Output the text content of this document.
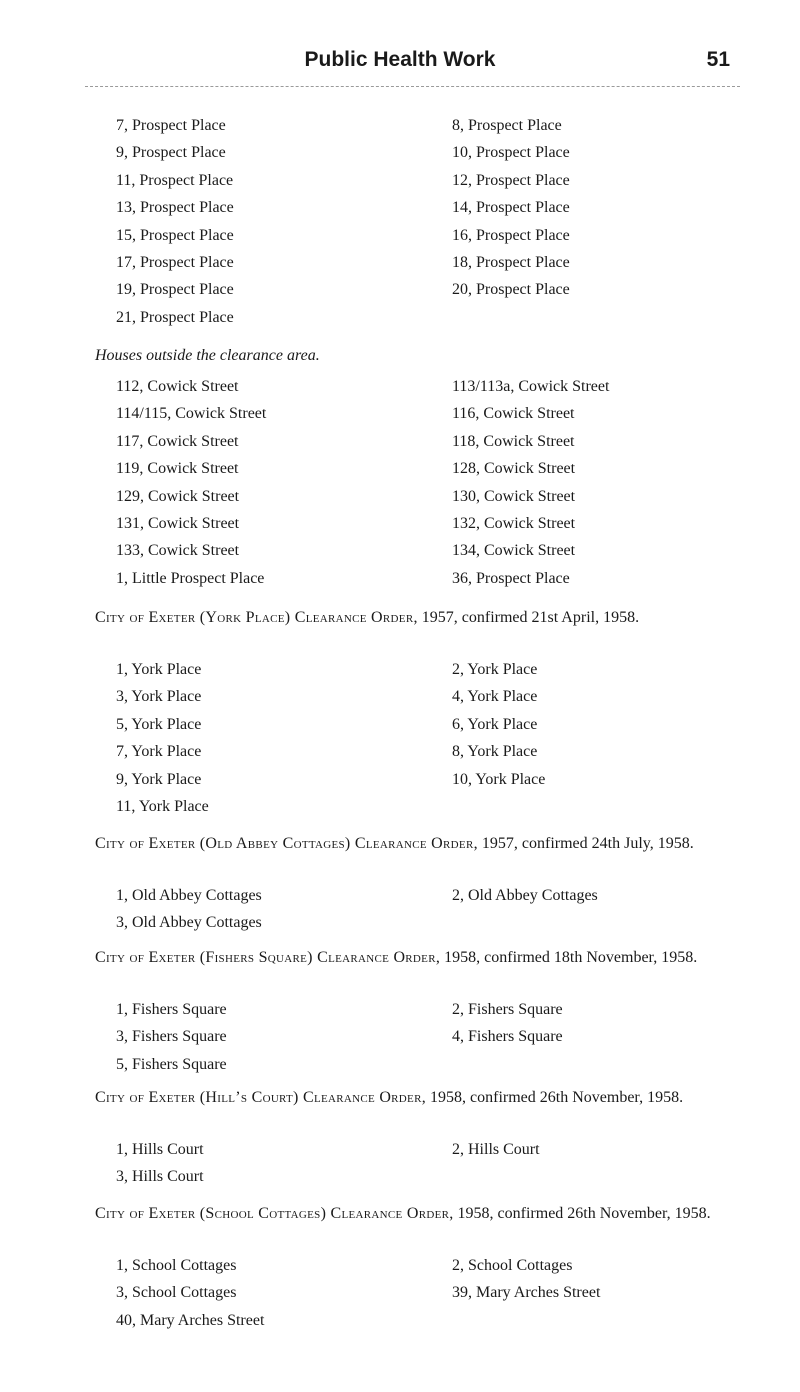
Public Health Work	51
7, Prospect Place
9, Prospect Place
11, Prospect Place
13, Prospect Place
15, Prospect Place
17, Prospect Place
19, Prospect Place
21, Prospect Place
8, Prospect Place
10, Prospect Place
12, Prospect Place
14, Prospect Place
16, Prospect Place
18, Prospect Place
20, Prospect Place
Houses outside the clearance area.
112, Cowick Street
114/115, Cowick Street
117, Cowick Street
119, Cowick Street
129, Cowick Street
131, Cowick Street
133, Cowick Street
1, Little Prospect Place
113/113a, Cowick Street
116, Cowick Street
118, Cowick Street
128, Cowick Street
130, Cowick Street
132, Cowick Street
134, Cowick Street
36, Prospect Place
City of Exeter (York Place) Clearance Order, 1957, confirmed 21st April, 1958.
1, York Place
3, York Place
5, York Place
7, York Place
9, York Place
11, York Place
2, York Place
4, York Place
6, York Place
8, York Place
10, York Place
City of Exeter (Old Abbey Cottages) Clearance Order, 1957, confirmed 24th July, 1958.
1, Old Abbey Cottages
3, Old Abbey Cottages
2, Old Abbey Cottages
City of Exeter (Fishers Square) Clearance Order, 1958, confirmed 18th November, 1958.
1, Fishers Square
3, Fishers Square
5, Fishers Square
2, Fishers Square
4, Fishers Square
City of Exeter (Hill’s Court) Clearance Order, 1958, confirmed 26th November, 1958.
1, Hills Court
3, Hills Court
2, Hills Court
City of Exeter (School Cottages) Clearance Order, 1958, confirmed 26th November, 1958.
1, School Cottages
3, School Cottages
40, Mary Arches Street
2, School Cottages
39, Mary Arches Street
